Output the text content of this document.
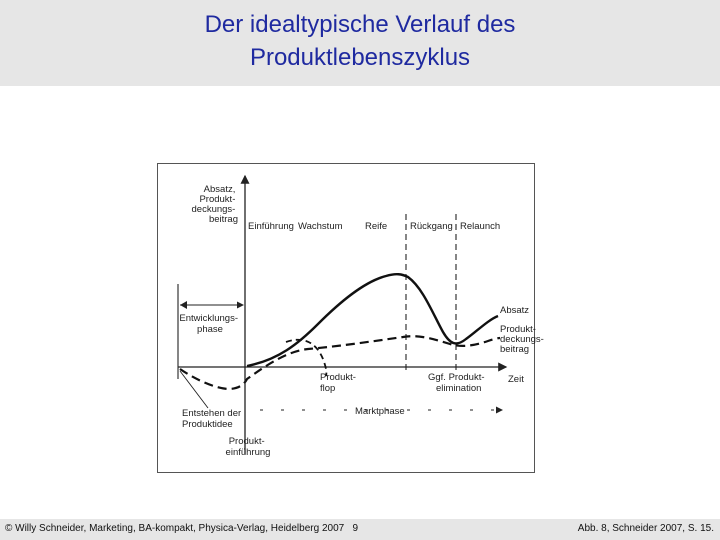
Der idealtypische Verlauf des
Produktlebenszyklus
Absatz, Produkt- deckungs- beitrag
Einführung Wachstum Reife Rückgang Relaunch
Entwicklungs- phase
Absatz
Produkt- deckungs- beitrag
Zeit
Produkt- flop
Ggf. Produkt- elimination
Entstehen der Produktidee
Marktphase
Produkt- einführung
© Willy Schneider, Marketing, BA-kompakt, Physica-Verlag, Heidelberg 2007 9	Abb. 8, Schneider 2007, S. 15.
